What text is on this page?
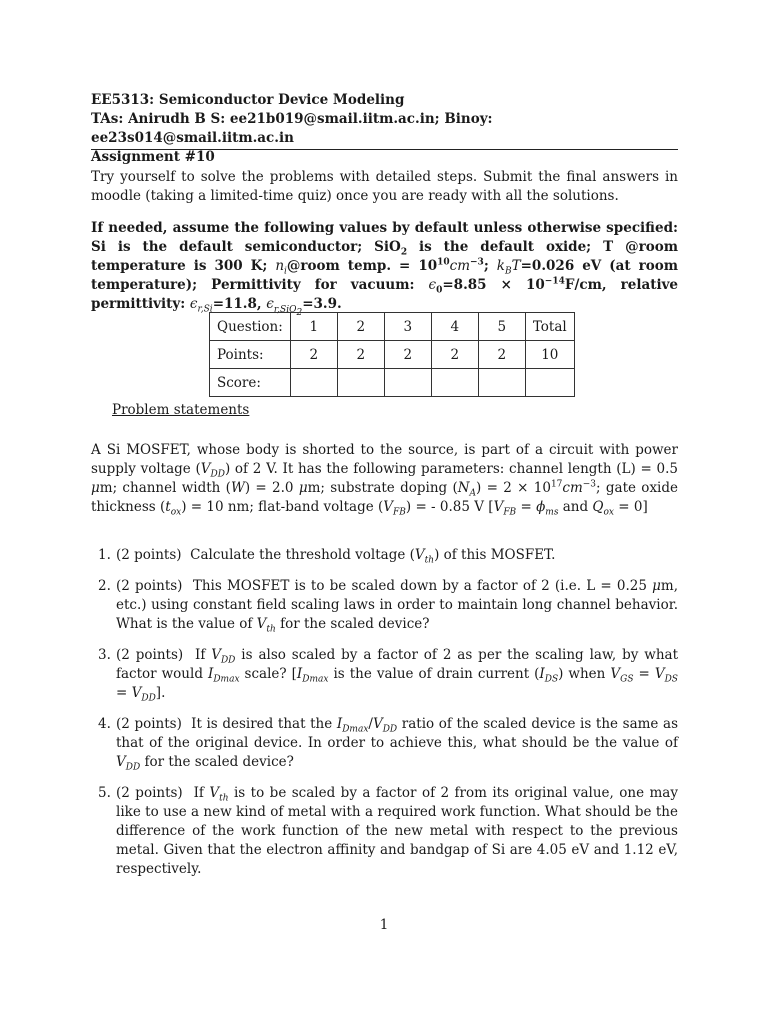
EE5313: Semiconductor Device Modeling
TAs: Anirudh B S: ee21b019@smail.iitm.ac.in; Binoy: ee23s014@smail.iitm.ac.in
Assignment #10

Try yourself to solve the problems with detailed steps. Submit the final answers in moodle (taking a limited-time quiz) once you are ready with all the solutions.

If needed, assume the following values by default unless otherwise specified: Si is the default semiconductor; SiO$_2$ is the default oxide; T @room temperature is 300 K; $n_i@room$ temp. = $10^{10}cm^{-3}$; $k_BT=0.026$ eV (at room temperature); Permittivity for vacuum: $\epsilon_0=8.85 \times 10^{-14}F/cm$, relative permittivity: $\epsilon_{r,Si}=11.8$, $\epsilon_{r,SiO_2}=3.9$.

Question:	1	2	3	4	5	Total
Points:	2	2	2	2	2	10
Score:						
Problem statements

A Si MOSFET, whose body is shorted to the source, is part of a circuit with power supply voltage $(V_{DD})$ of 2 V. It has the following parameters: channel length (L) = 0.5 μm; channel width (W) = 2.0 μm; substrate doping $(N_A) = 2 \times 10^{17}cm^{-3}$; gate oxide thickness $(t_{ox}) = 10$ nm; flat-band voltage $(V_{FB})$ = - 0.85 V [$V_{FB} = \phi_{ms}$ and $Q_{ox} = 0$]

1. (2 points) Calculate the threshold voltage $(V_{th})$ of this MOSFET.
2. (2 points) This MOSFET is to be scaled down by a factor of 2 (i.e. L = 0.25 μm, etc.) using constant field scaling laws in order to maintain long channel behavior. What is the value of $V_{th}$ for the scaled device?
3. (2 points) If $V_{DD}$ is also scaled by a factor of 2 as per the scaling law, by what factor would $I_{Dmax}$ scale? [$I_{Dmax}$ is the value of drain current $(I_{DS})$ when $V_{GS} = V_{DS} = V_{DD}$].
4. (2 points) It is desired that the $I_{Dmax}/V_{DD}$ ratio of the scaled device is the same as that of the original device. In order to achieve this, what should be the value of $V_{DD}$ for the scaled device?
5. (2 points) If $V_{th}$ is to be scaled by a factor of 2 from its original value, one may like to use a new kind of metal with a required work function. What should be the difference of the work function of the new metal with respect to the previous metal. Given that the electron affinity and bandgap of Si are 4.05 eV and 1.12 eV, respectively.
1
